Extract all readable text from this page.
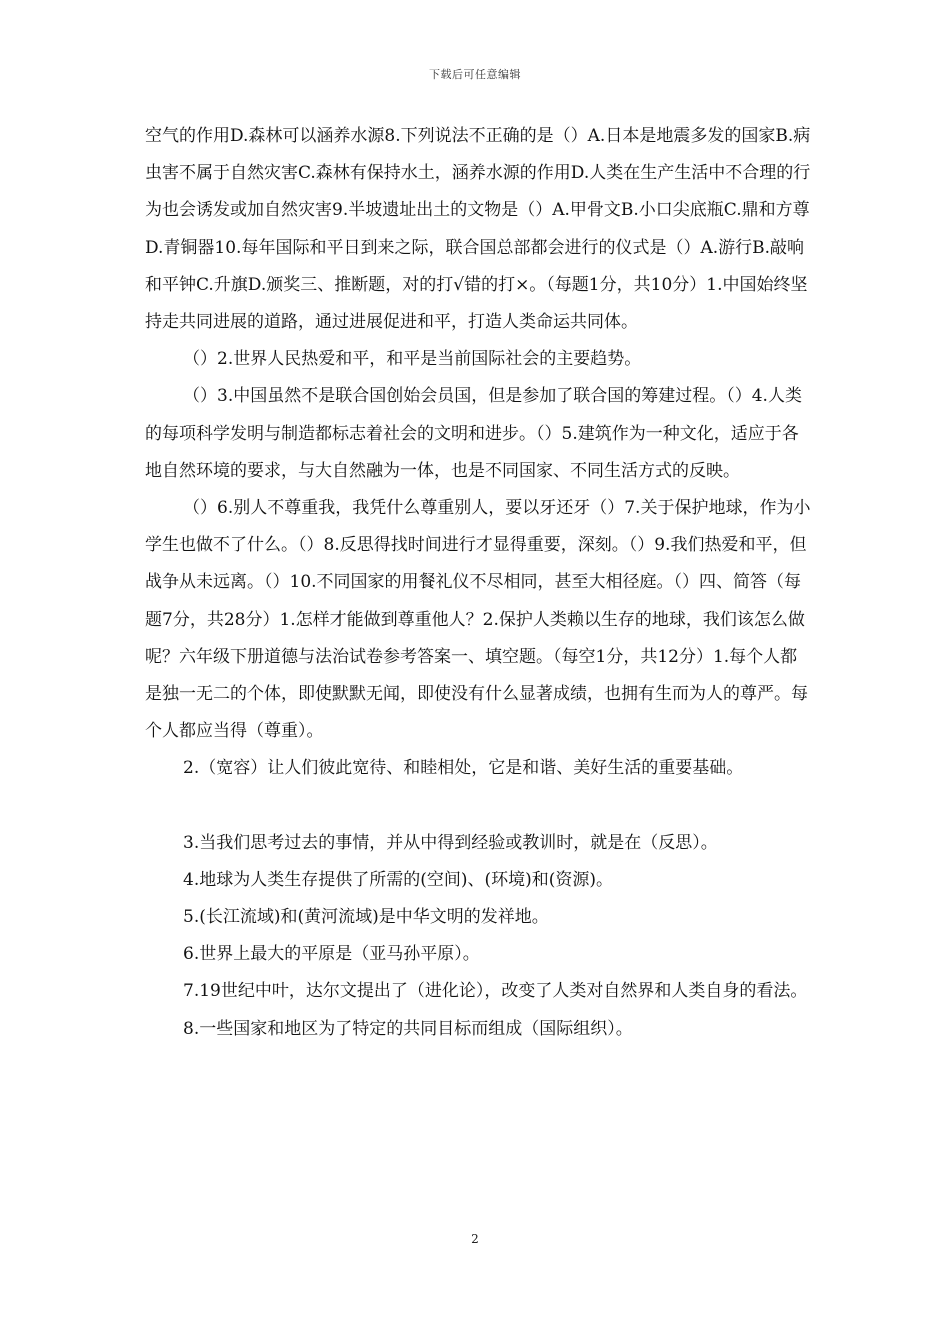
下载后可任意编辑

空气的作用D.森林可以涵养水源8.下列说法不正确的是（）A.日本是地震多发的国家B.病虫害不属于自然灾害C.森林有保持水土，涵养水源的作用D.人类在生产生活中不合理的行为也会诱发或加自然灾害9.半坡遗址出土的文物是（）A.甲骨文B.小口尖底瓶C.鼎和方尊D.青铜器10.每年国际和平日到来之际，联合国总部都会进行的仪式是（）A.游行B.敲响和平钟C.升旗D.颁奖三、推断题，对的打√错的打×。（每题1分，共10分）1.中国始终坚持走共同进展的道路，通过进展促进和平，打造人类命运共同体。

（）2.世界人民热爱和平，和平是当前国际社会的主要趋势。

（）3.中国虽然不是联合国创始会员国，但是参加了联合国的筹建过程。（）4.人类的每项科学发明与制造都标志着社会的文明和进步。（）5.建筑作为一种文化，适应于各地自然环境的要求，与大自然融为一体，也是不同国家、不同生活方式的反映。

（）6.别人不尊重我，我凭什么尊重别人，要以牙还牙（）7.关于保护地球，作为小学生也做不了什么。（）8.反思得找时间进行才显得重要，深刻。（）9.我们热爱和平，但战争从未远离。（）10.不同国家的用餐礼仪不尽相同，甚至大相径庭。（）四、简答（每题7分，共28分）1.怎样才能做到尊重他人？2.保护人类赖以生存的地球，我们该怎么做呢？六年级下册道德与法治试卷参考答案一、填空题。（每空1分，共12分）1.每个人都是独一无二的个体，即使默默无闻，即使没有什么显著成绩，也拥有生而为人的尊严。每个人都应当得（尊重）。

2.（宽容）让人们彼此宽待、和睦相处，它是和谐、美好生活的重要基础。

3.当我们思考过去的事情，并从中得到经验或教训时，就是在（反思）。

4.地球为人类生存提供了所需的(空间)、(环境)和(资源)。

5.(长江流域)和(黄河流域)是中华文明的发祥地。

6.世界上最大的平原是（亚马孙平原）。

7.19世纪中叶，达尔文提出了（进化论），改变了人类对自然界和人类自身的看法。

8.一些国家和地区为了特定的共同目标而组成（国际组织）。

2
